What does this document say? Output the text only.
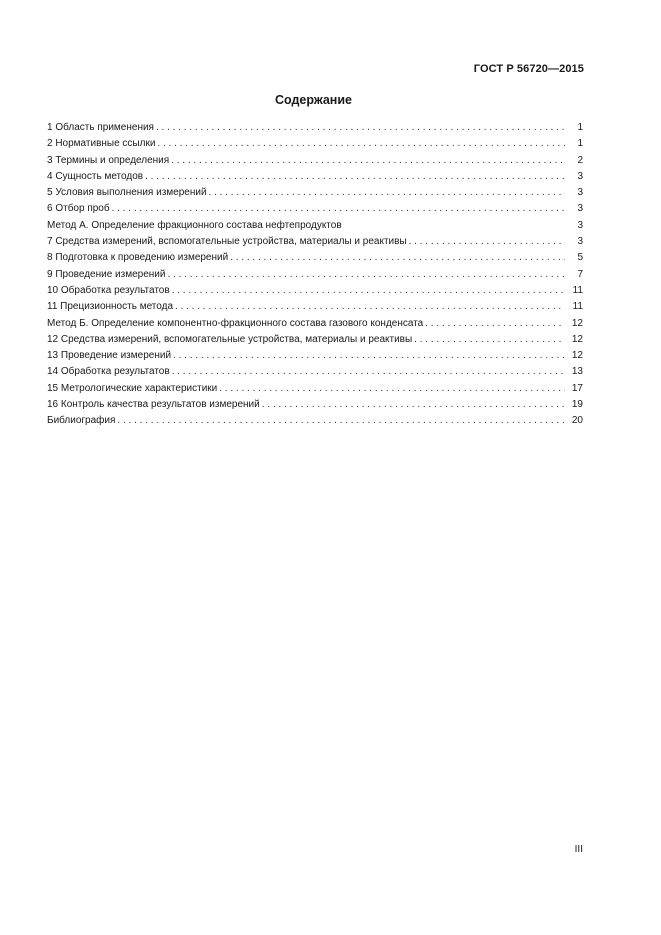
ГОСТ Р 56720—2015
Содержание
1 Область применения . . .	1
2 Нормативные ссылки . . .	1
3 Термины и определения . . .	2
4 Сущность методов . . .	3
5 Условия выполнения измерений . . .	3
6 Отбор проб . . .	3
Метод А. Определение фракционного состава нефтепродуктов	3
7 Средства измерений, вспомогательные устройства, материалы и реактивы . . .	3
8 Подготовка к проведению измерений . . .	5
9 Проведение измерений . . .	7
10 Обработка результатов . . .	11
11 Прецизионность метода . . .	11
Метод Б. Определение компонентно-фракционного состава газового конденсата . . .	12
12 Средства измерений, вспомогательные устройства, материалы и реактивы . . .	12
13 Проведение измерений . . .	12
14 Обработка результатов . . .	13
15 Метрологические характеристики . . .	17
16 Контроль качества результатов измерений . . .	19
Библиография . . .	20
III
